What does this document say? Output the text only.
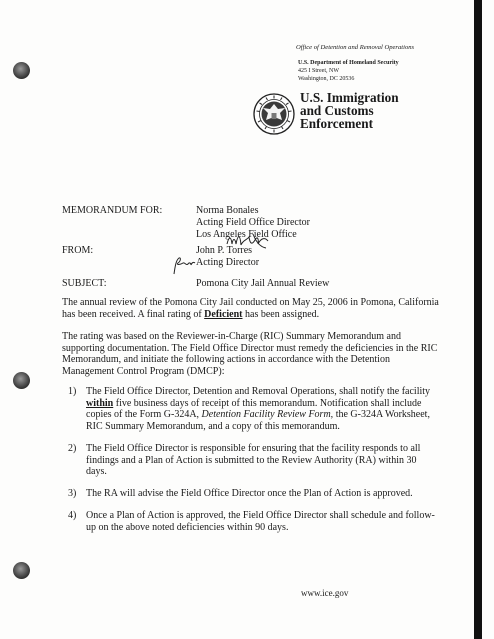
Office of Detention and Removal Operations
U.S. Department of Homeland Security
425 I Street, NW
Washington, DC 20536
U.S. Immigration
and Customs
Enforcement
MEMORANDUM FOR:	Norma Bonales
Acting Field Office Director
Los Angeles Field Office
FROM:	John P. Torres
Acting Director
SUBJECT:	Pomona City Jail Annual Review
The annual review of the Pomona City Jail conducted on May 25, 2006 in Pomona, California
has been received. A final rating of Deficient has been assigned.
The rating was based on the Reviewer-in-Charge (RIC) Summary Memorandum and
supporting documentation. The Field Office Director must remedy the deficiencies in the RIC
Memorandum, and initiate the following actions in accordance with the Detention
Management Control Program (DMCP):
1) The Field Office Director, Detention and Removal Operations, shall notify the facility
within five business days of receipt of this memorandum. Notification shall include
copies of the Form G-324A, Detention Facility Review Form, the G-324A Worksheet,
RIC Summary Memorandum, and a copy of this memorandum.
2) The Field Office Director is responsible for ensuring that the facility responds to all
findings and a Plan of Action is submitted to the Review Authority (RA) within 30
days.
3) The RA will advise the Field Office Director once the Plan of Action is approved.
4) Once a Plan of Action is approved, the Field Office Director shall schedule and follow-
up on the above noted deficiencies within 90 days.
www.ice.gov
